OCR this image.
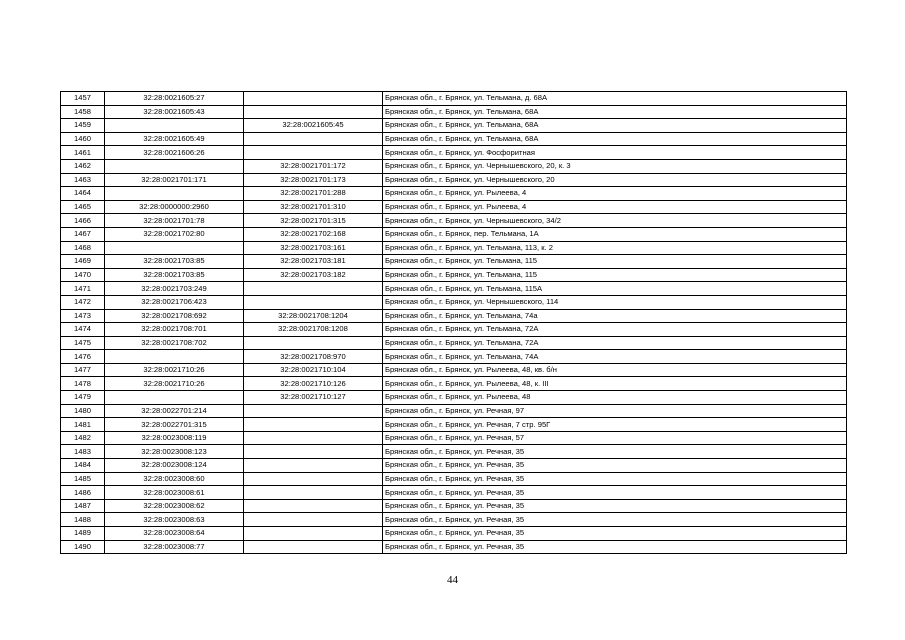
1457	32:28:0021605:27		Брянская обл., г. Брянск, ул. Тельмана, д. 68А
1458	32:28:0021605:43		Брянская обл., г. Брянск, ул. Тельмана, 68А
1459		32:28:0021605:45	Брянская обл., г. Брянск, ул. Тельмана, 68А
1460	32:28:0021605:49		Брянская обл., г. Брянск, ул. Тельмана, 68А
1461	32:28:0021606:26		Брянская обл., г. Брянск, ул. Фосфоритная
1462		32:28:0021701:172	Брянская обл., г. Брянск, ул. Чернышевского, 20, к. 3
1463	32:28:0021701:171	32:28:0021701:173	Брянская обл., г. Брянск, ул. Чернышевского, 20
1464		32:28:0021701:288	Брянская обл., г. Брянск, ул. Рылеева, 4
1465	32:28:0000000:2960	32:28:0021701:310	Брянская обл., г. Брянск, ул. Рылеева, 4
1466	32:28:0021701:78	32:28:0021701:315	Брянская обл., г. Брянск, ул. Чернышевского, 34/2
1467	32:28:0021702:80	32:28:0021702:168	Брянская обл., г. Брянск, пер. Тельмана, 1А
1468		32:28:0021703:161	Брянская обл., г. Брянск, ул. Тельмана, 113, к. 2
1469	32:28:0021703:85	32:28:0021703:181	Брянская обл., г. Брянск, ул. Тельмана, 115
1470	32:28:0021703:85	32:28:0021703:182	Брянская обл., г. Брянск, ул. Тельмана, 115
1471	32:28:0021703:249		Брянская обл., г. Брянск, ул. Тельмана, 115А
1472	32:28:0021706:423		Брянская обл., г. Брянск, ул. Чернышевского, 114
1473	32:28:0021708:692	32:28:0021708:1204	Брянская обл., г. Брянск, ул. Тельмана, 74а
1474	32:28:0021708:701	32:28:0021708:1208	Брянская обл., г. Брянск, ул. Тельмана, 72А
1475	32:28:0021708:702		Брянская обл., г. Брянск, ул. Тельмана, 72А
1476		32:28:0021708:970	Брянская обл., г. Брянск, ул. Тельмана, 74А
1477	32:28:0021710:26	32:28:0021710:104	Брянская обл., г. Брянск, ул. Рылеева, 48, кв. б/н
1478	32:28:0021710:26	32:28:0021710:126	Брянская обл., г. Брянск, ул. Рылеева, 48, к. III
1479		32:28:0021710:127	Брянская обл., г. Брянск, ул. Рылеева, 48
1480	32:28:0022701:214		Брянская обл., г. Брянск, ул. Речная, 97
1481	32:28:0022701:315		Брянская обл., г. Брянск, ул. Речная, 7 стр. 95Г
1482	32:28:0023008:119		Брянская обл., г. Брянск, ул. Речная, 57
1483	32:28:0023008:123		Брянская обл., г. Брянск, ул. Речная, 35
1484	32:28:0023008:124		Брянская обл., г. Брянск, ул. Речная, 35
1485	32:28:0023008:60		Брянская обл., г. Брянск, ул. Речная, 35
1486	32:28:0023008:61		Брянская обл., г. Брянск, ул. Речная, 35
1487	32:28:0023008:62		Брянская обл., г. Брянск, ул. Речная, 35
1488	32:28:0023008:63		Брянская обл., г. Брянск, ул. Речная, 35
1489	32:28:0023008:64		Брянская обл., г. Брянск, ул. Речная, 35
1490	32:28:0023008:77		Брянская обл., г. Брянск, ул. Речная, 35
44
